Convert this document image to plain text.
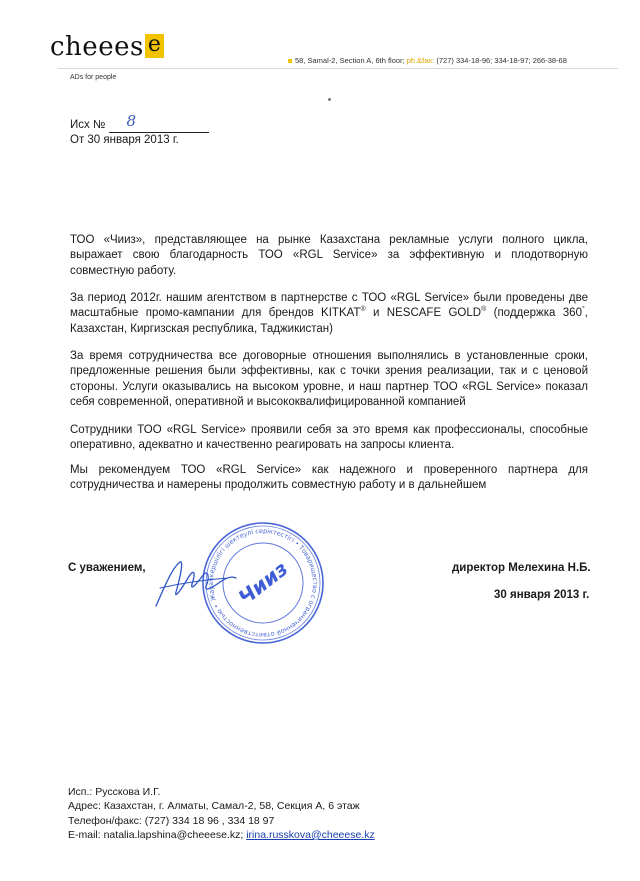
cheees e
ADs for people
58, Samal-2, Section A, 6th floor; ph.&fax: (727) 334-18-96; 334-18-97; 266-38-68
Исх № 8
От 30 января 2013 г.
ТОО «Чииз», представляющее на рынке Казахстана рекламные услуги полного цикла, выражает свою благодарность ТОО «RGL Service» за эффективную и плодотворную совместную работу.
За период 2012г. нашим агентством в партнерстве с ТОО «RGL Service» были проведены две масштабные промо-кампании для брендов KITKAT® и NESCAFE GOLD® (поддержка 360°, Казахстан, Киргизская республика, Таджикистан)
За время сотрудничества все договорные отношения выполнялись в установленные сроки, предложенные решения были эффективны, как с точки зрения реализации, так и с ценовой стороны. Услуги оказывались на высоком уровне, и наш партнер ТОО «RGL Service» показал себя современной, оперативной и высококвалифицированной компанией
Сотрудники ТОО «RGL Service» проявили себя за это время как профессионалы, способные оперативно, адекватно и качественно реагировать на запросы клиента.
Мы рекомендуем ТОО «RGL Service» как надежного и проверенного партнера для сотрудничества и намерены продолжить совместную работу и в дальнейшем
Жауапкершілігі шектеулі серіктестігі • Товарищество с ограниченной ответственностью • Чииз
С уважением,	директор Мелехина Н.Б.
30 января 2013 г.
Исп.: Русскова И.Г.
Адрес: Казахстан, г. Алматы, Самал-2, 58, Секция А, 6 этаж
Телефон/факс: (727) 334 18 96 , 334 18 97
E-mail: natalia.lapshina@cheeese.kz; irina.russkova@cheeese.kz
